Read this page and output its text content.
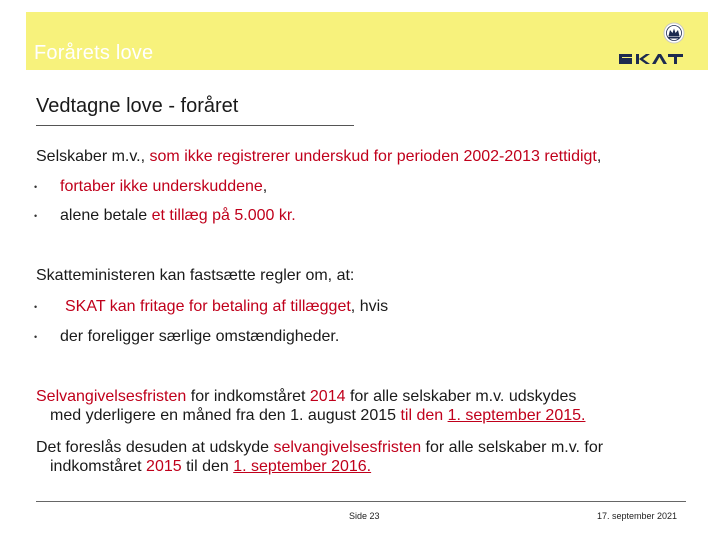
Forårets love
Vedtagne love - foråret
Selskaber m.v., som ikke registrerer underskud for perioden 2002-2013 rettidigt,
• fortaber ikke underskuddene,
• alene betale et tillæg på 5.000 kr.
Skatteministeren kan fastsætte regler om, at:
• SKAT kan fritage for betaling af tillægget, hvis
• der foreligger særlige omstændigheder.
Selvangivelsesfristen for indkomståret 2014 for alle selskaber m.v. udskydes
med yderligere en måned fra den 1. august 2015 til den 1. september 2015.
Det foreslås desuden at udskyde selvangivelsesfristen for alle selskaber m.v. for
indkomståret 2015 til den 1. september 2016.
Side 23	17. september 2021
